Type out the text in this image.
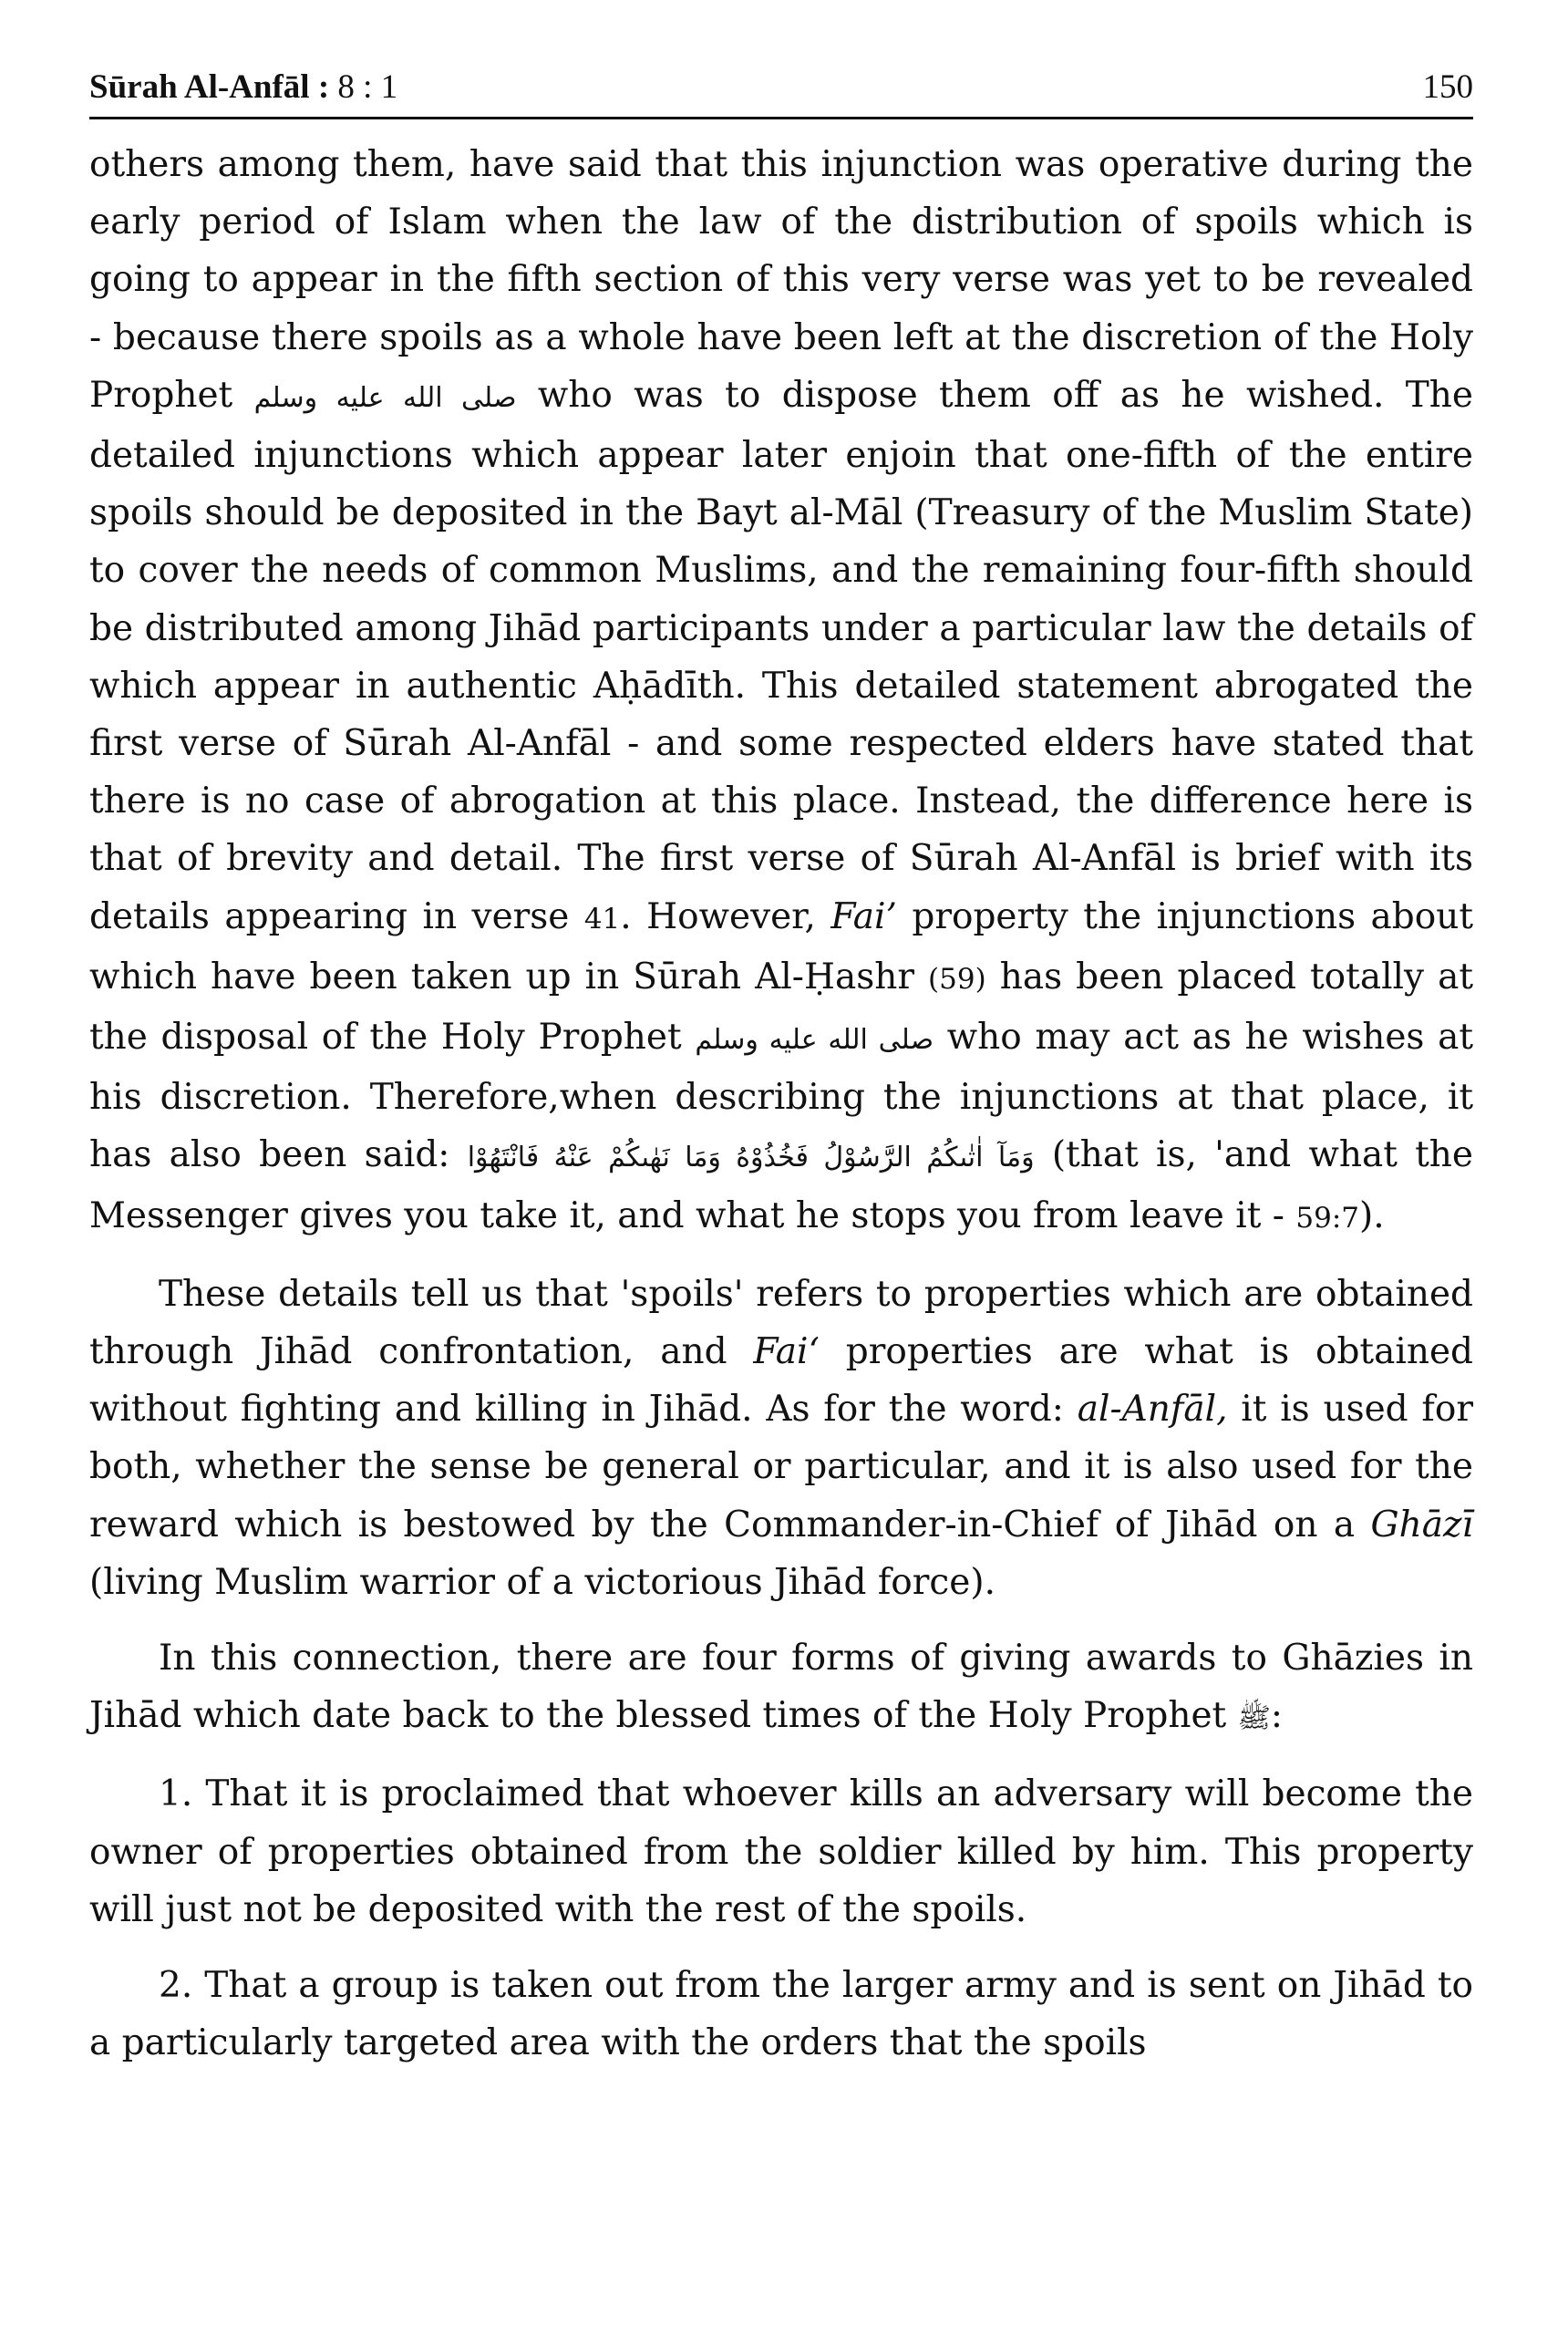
Sūrah Al-Anfāl : 8 : 1	150

others among them, have said that this injunction was operative during the early period of Islam when the law of the distribution of spoils which is going to appear in the fifth section of this very verse was yet to be revealed - because there spoils as a whole have been left at the discretion of the Holy Prophet صلی الله علیه وسلم who was to dispose them off as he wished. The detailed injunctions which appear later enjoin that one-fifth of the entire spoils should be deposited in the Bayt al-Māl (Treasury of the Muslim State) to cover the needs of common Muslims, and the remaining four-fifth should be distributed among Jihād participants under a particular law the details of which appear in authentic Aḥādīth. This detailed statement abrogated the first verse of Sūrah Al-Anfāl - and some respected elders have stated that there is no case of abrogation at this place. Instead, the difference here is that of brevity and detail. The first verse of Sūrah Al-Anfāl is brief with its details appearing in verse 41. However, Fai’ property the injunctions about which have been taken up in Sūrah Al-Ḥashr (59) has been placed totally at the disposal of the Holy Prophet صلی الله علیه وسلم who may act as he wishes at his discretion. Therefore,when describing the injunctions at that place, it has also been said: وَمَآ اٰتٰىكُمُ الرَّسُوْلُ فَخُذُوْهُ وَمَا نَهٰىكُمْ عَنْهُ فَانْتَهُوْا (that is, 'and what the Messenger gives you take it, and what he stops you from leave it - 59:7).

These details tell us that 'spoils' refers to properties which are obtained through Jihād confrontation, and Fai‘ properties are what is obtained without fighting and killing in Jihād. As for the word: al-Anfāl, it is used for both, whether the sense be general or particular, and it is also used for the reward which is bestowed by the Commander-in-Chief of Jihād on a Ghāzī (living Muslim warrior of a victorious Jihād force).

In this connection, there are four forms of giving awards to Ghāzies in Jihād which date back to the blessed times of the Holy Prophet ﷺ:

1. That it is proclaimed that whoever kills an adversary will become the owner of properties obtained from the soldier killed by him. This property will just not be deposited with the rest of the spoils.

2. That a group is taken out from the larger army and is sent on Jihād to a particularly targeted area with the orders that the spoils
